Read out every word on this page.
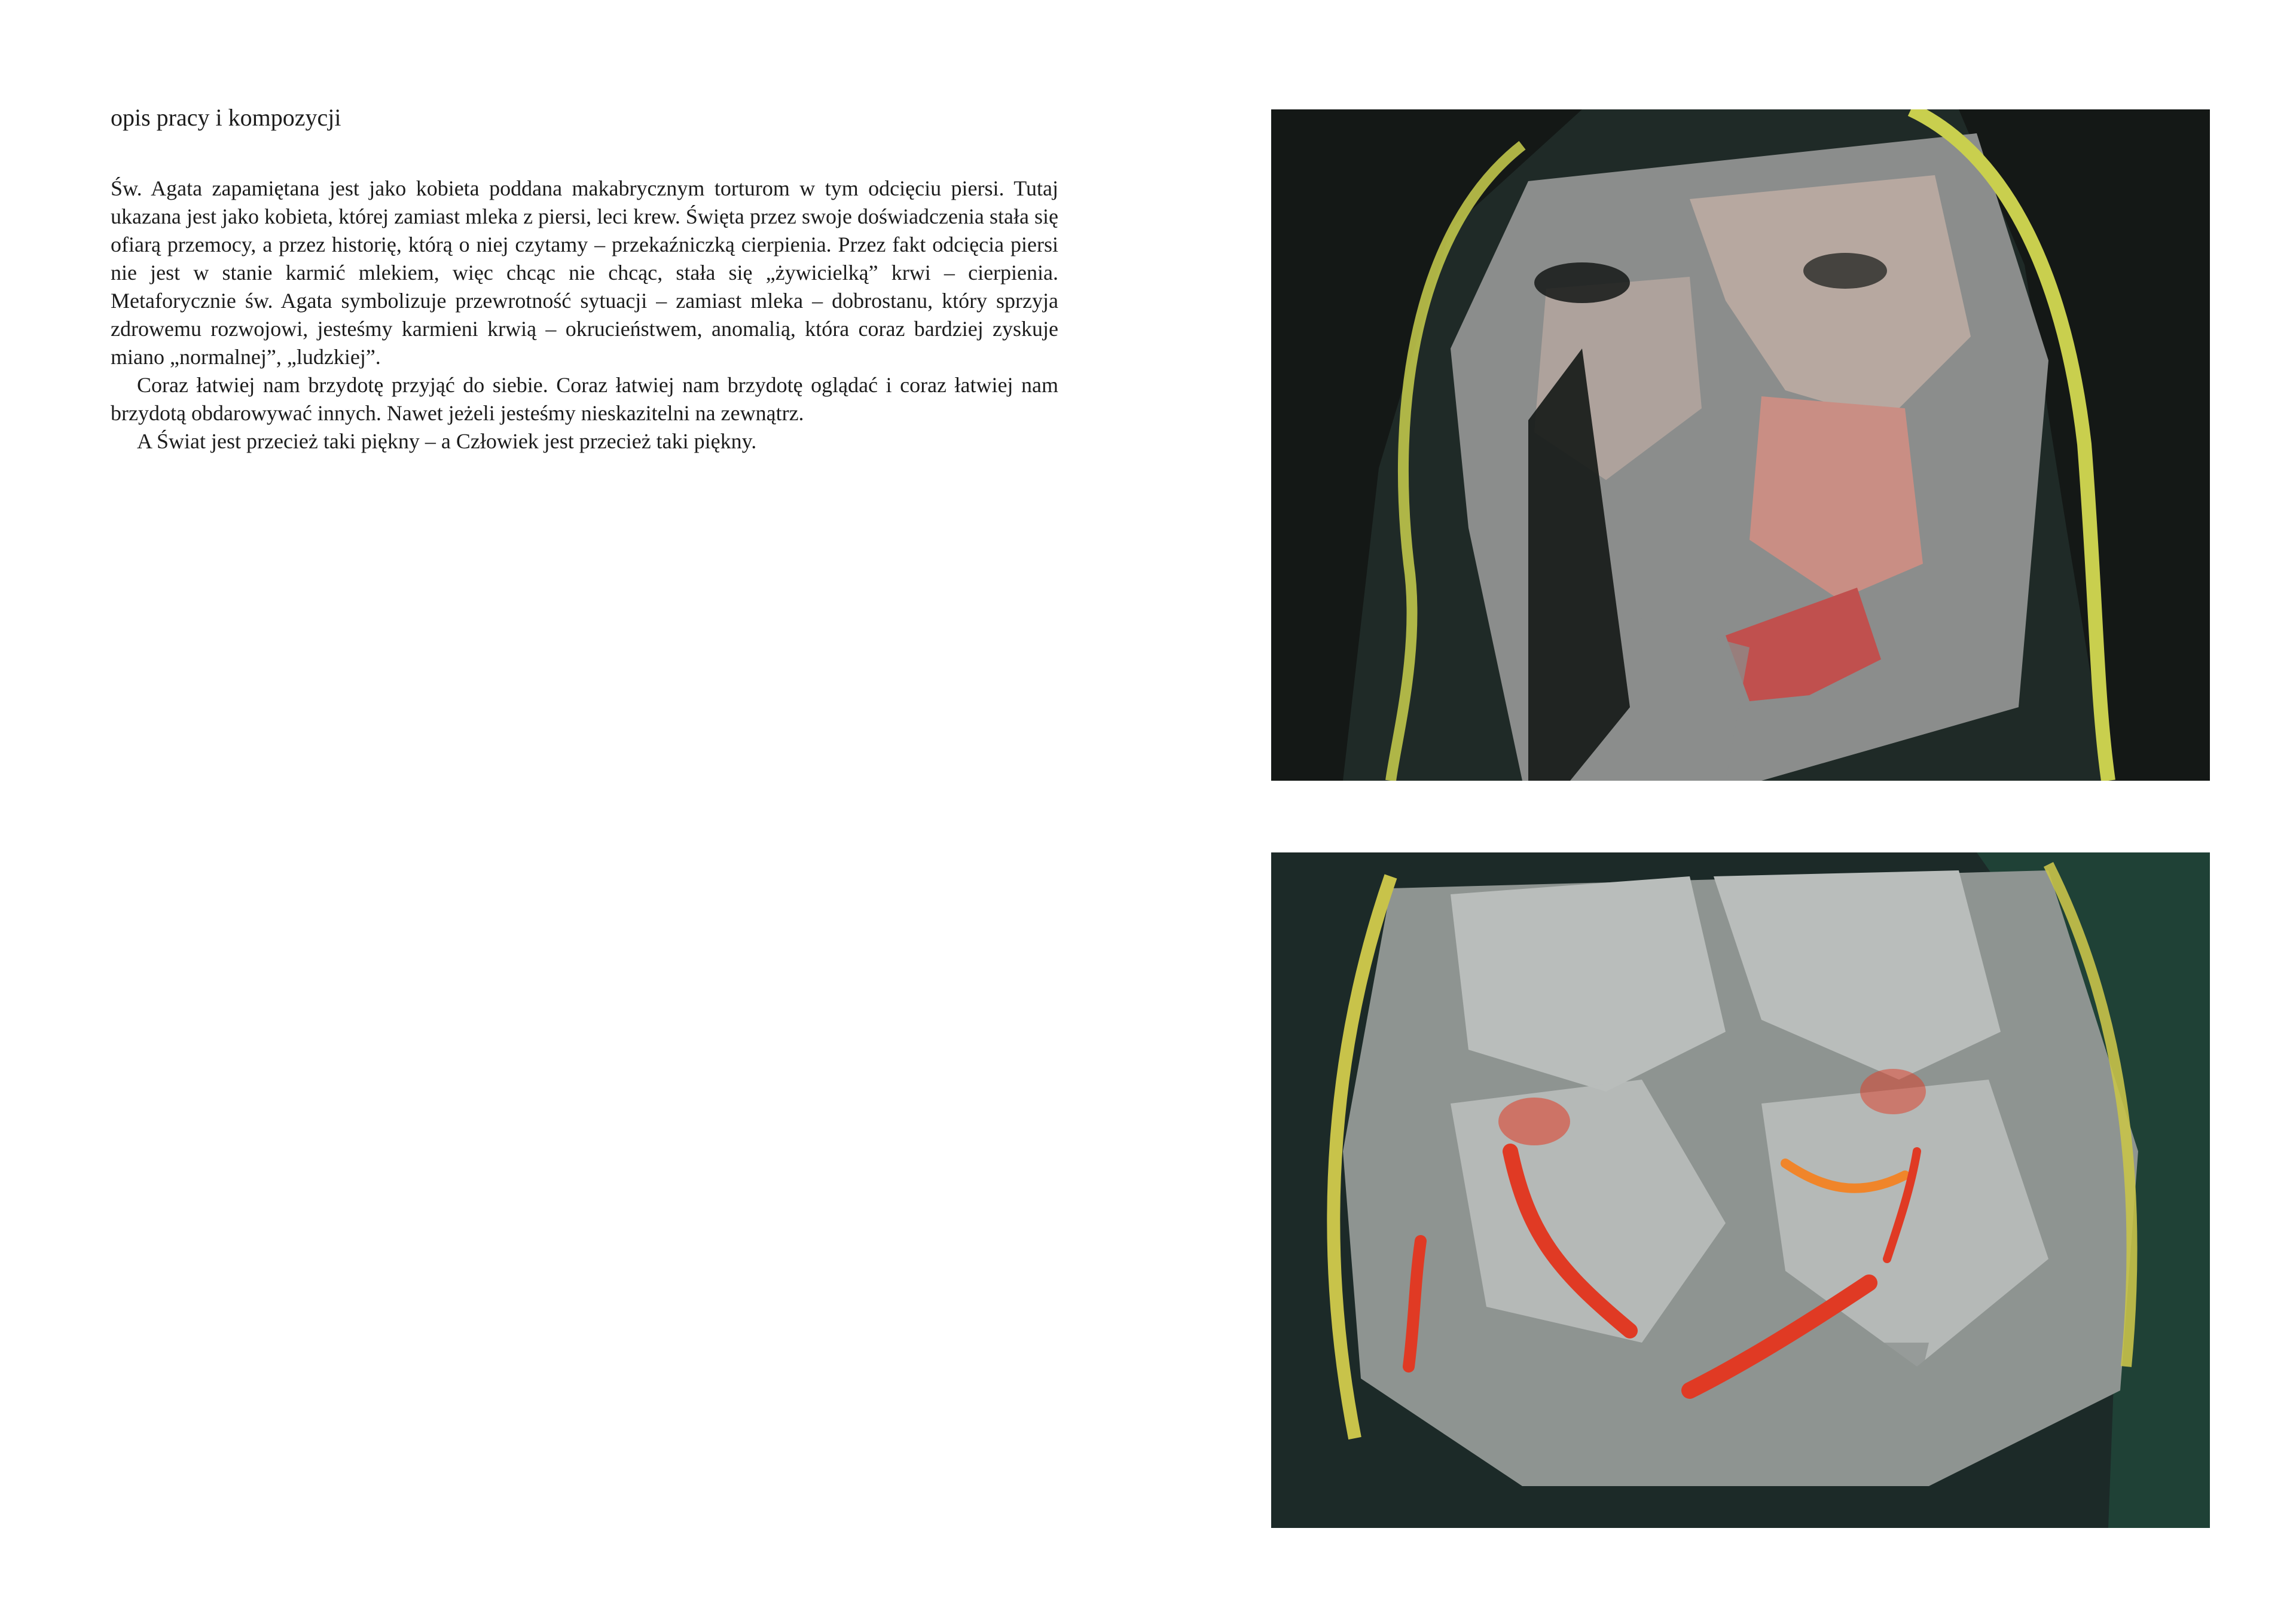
opis pracy i kompozycji

Św. Agata zapamiętana jest jako kobieta poddana makabrycznym torturom w tym odcięciu piersi. Tutaj ukazana jest jako kobieta, której zamiast mleka z piersi, leci krew. Święta przez swoje doświadczenia stała się ofiarą przemocy, a przez historię, którą o niej czytamy – przekaźniczką cierpienia. Przez fakt odcięcia piersi nie jest w stanie karmić mlekiem, więc chcąc nie chcąc, stała się „żywicielką” krwi – cierpienia. Metaforycznie św. Agata symbolizuje przewrotność sytuacji – zamiast mleka – dobrostanu, który sprzyja zdrowemu rozwojowi, jesteśmy karmieni krwią – okrucieństwem, anomalią, która coraz bardziej zyskuje miano „normalnej”, „ludzkiej”.

Coraz łatwiej nam brzydotę przyjąć do siebie. Coraz łatwiej nam brzydotę oglądać i coraz łatwiej nam brzydotą obdarowywać innych. Nawet jeżeli jesteśmy nieskazitelni na zewnątrz.

A Świat jest przecież taki piękny – a Człowiek jest przecież taki piękny.
